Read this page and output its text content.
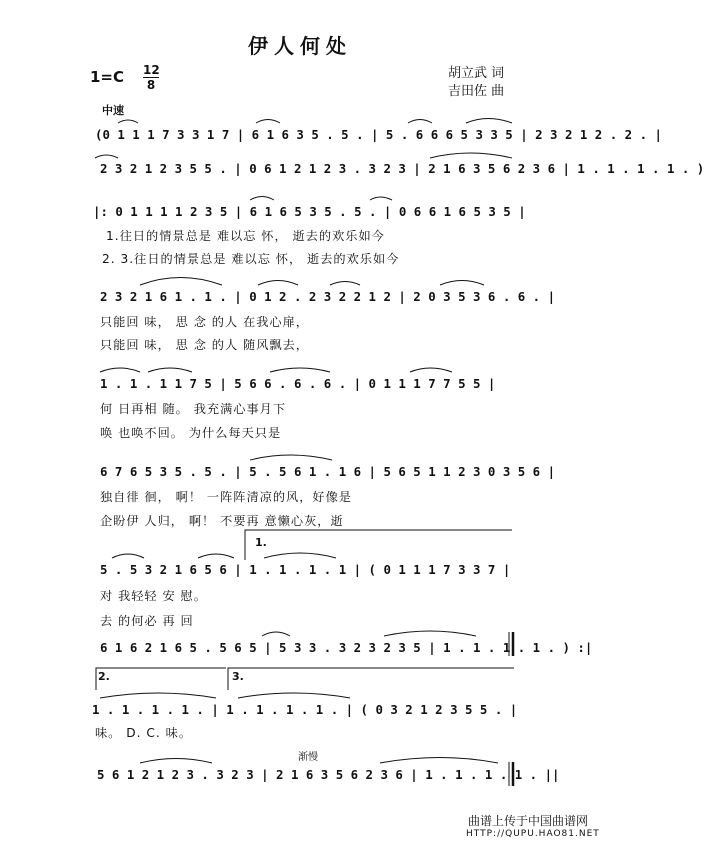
伊人何处
胡立武 词
吉田佐 曲
1=C 12
8
中速
(0 1 1 1 7 3 3 1 7 | 6 1 6 3 5 . 5 . | 5 . 6 6 6 5 3 3 5 | 2 3 2 1 2 . 2 . |
2 3 2 1 2 3 5 5 . | 0 6 1 2 1 2 3 . 3 2 3 | 2 1 6 3 5 6 2 3 6 | 1 . 1 . 1 . 1 . )
|: 0 1 1 1 1 2 3 5 | 6 1 6 5 3 5 . 5 . | 0 6 6 1 6 5 3 5 |
1.往日的情景总是 难以忘 怀， 逝去的欢乐如今
2. 3.往日的情景总是 难以忘 怀， 逝去的欢乐如今
2 3 2 1 6 1 . 1 . | 0 1 2 . 2 3 2 2 1 2 | 2 0 3 5 3 6 . 6 . |
只能回 味， 思 念 的人 在我心扉，
只能回 味， 思 念 的人 随风飘去，
1 . 1 . 1 1 7 5 | 5 6 6 . 6 . 6 . | 0 1 1 1 7 7 5 5 |
何 日再相 随。 我充满心事月下
唤 也唤不回。 为什么每天只是
6 7 6 5 3 5 . 5 . | 5 . 5 6 1 . 1 6 | 5 6 5 1 1 2 3 0 3 5 6 |
独自徘 徊， 啊！ 一阵阵清凉的风，好像是
企盼伊 人归， 啊！ 不要再 意懒心灰，逝
1.
5 . 5 3 2 1 6 5 6 | 1 . 1 . 1 . 1 | ( 0 1 1 1 7 3 3 7 |
对 我轻轻 安 慰。
去 的何必 再 回
6 1 6 2 1 6 5 . 5 6 5 | 5 3 3 . 3 2 3 2 3 5 | 1 . 1 . 1 . 1 . ) :|
2.	3.
1 . 1 . 1 . 1 . | 1 . 1 . 1 . 1 . | ( 0 3 2 1 2 3 5 5 . |
味。 D. C. 味。
渐慢
5 6 1 2 1 2 3 . 3 2 3 | 2 1 6 3 5 6 2 3 6 | 1 . 1 . 1 . 1 . ||
曲谱上传于中国曲谱网
HTTP://QUPU.HAO81.NET
